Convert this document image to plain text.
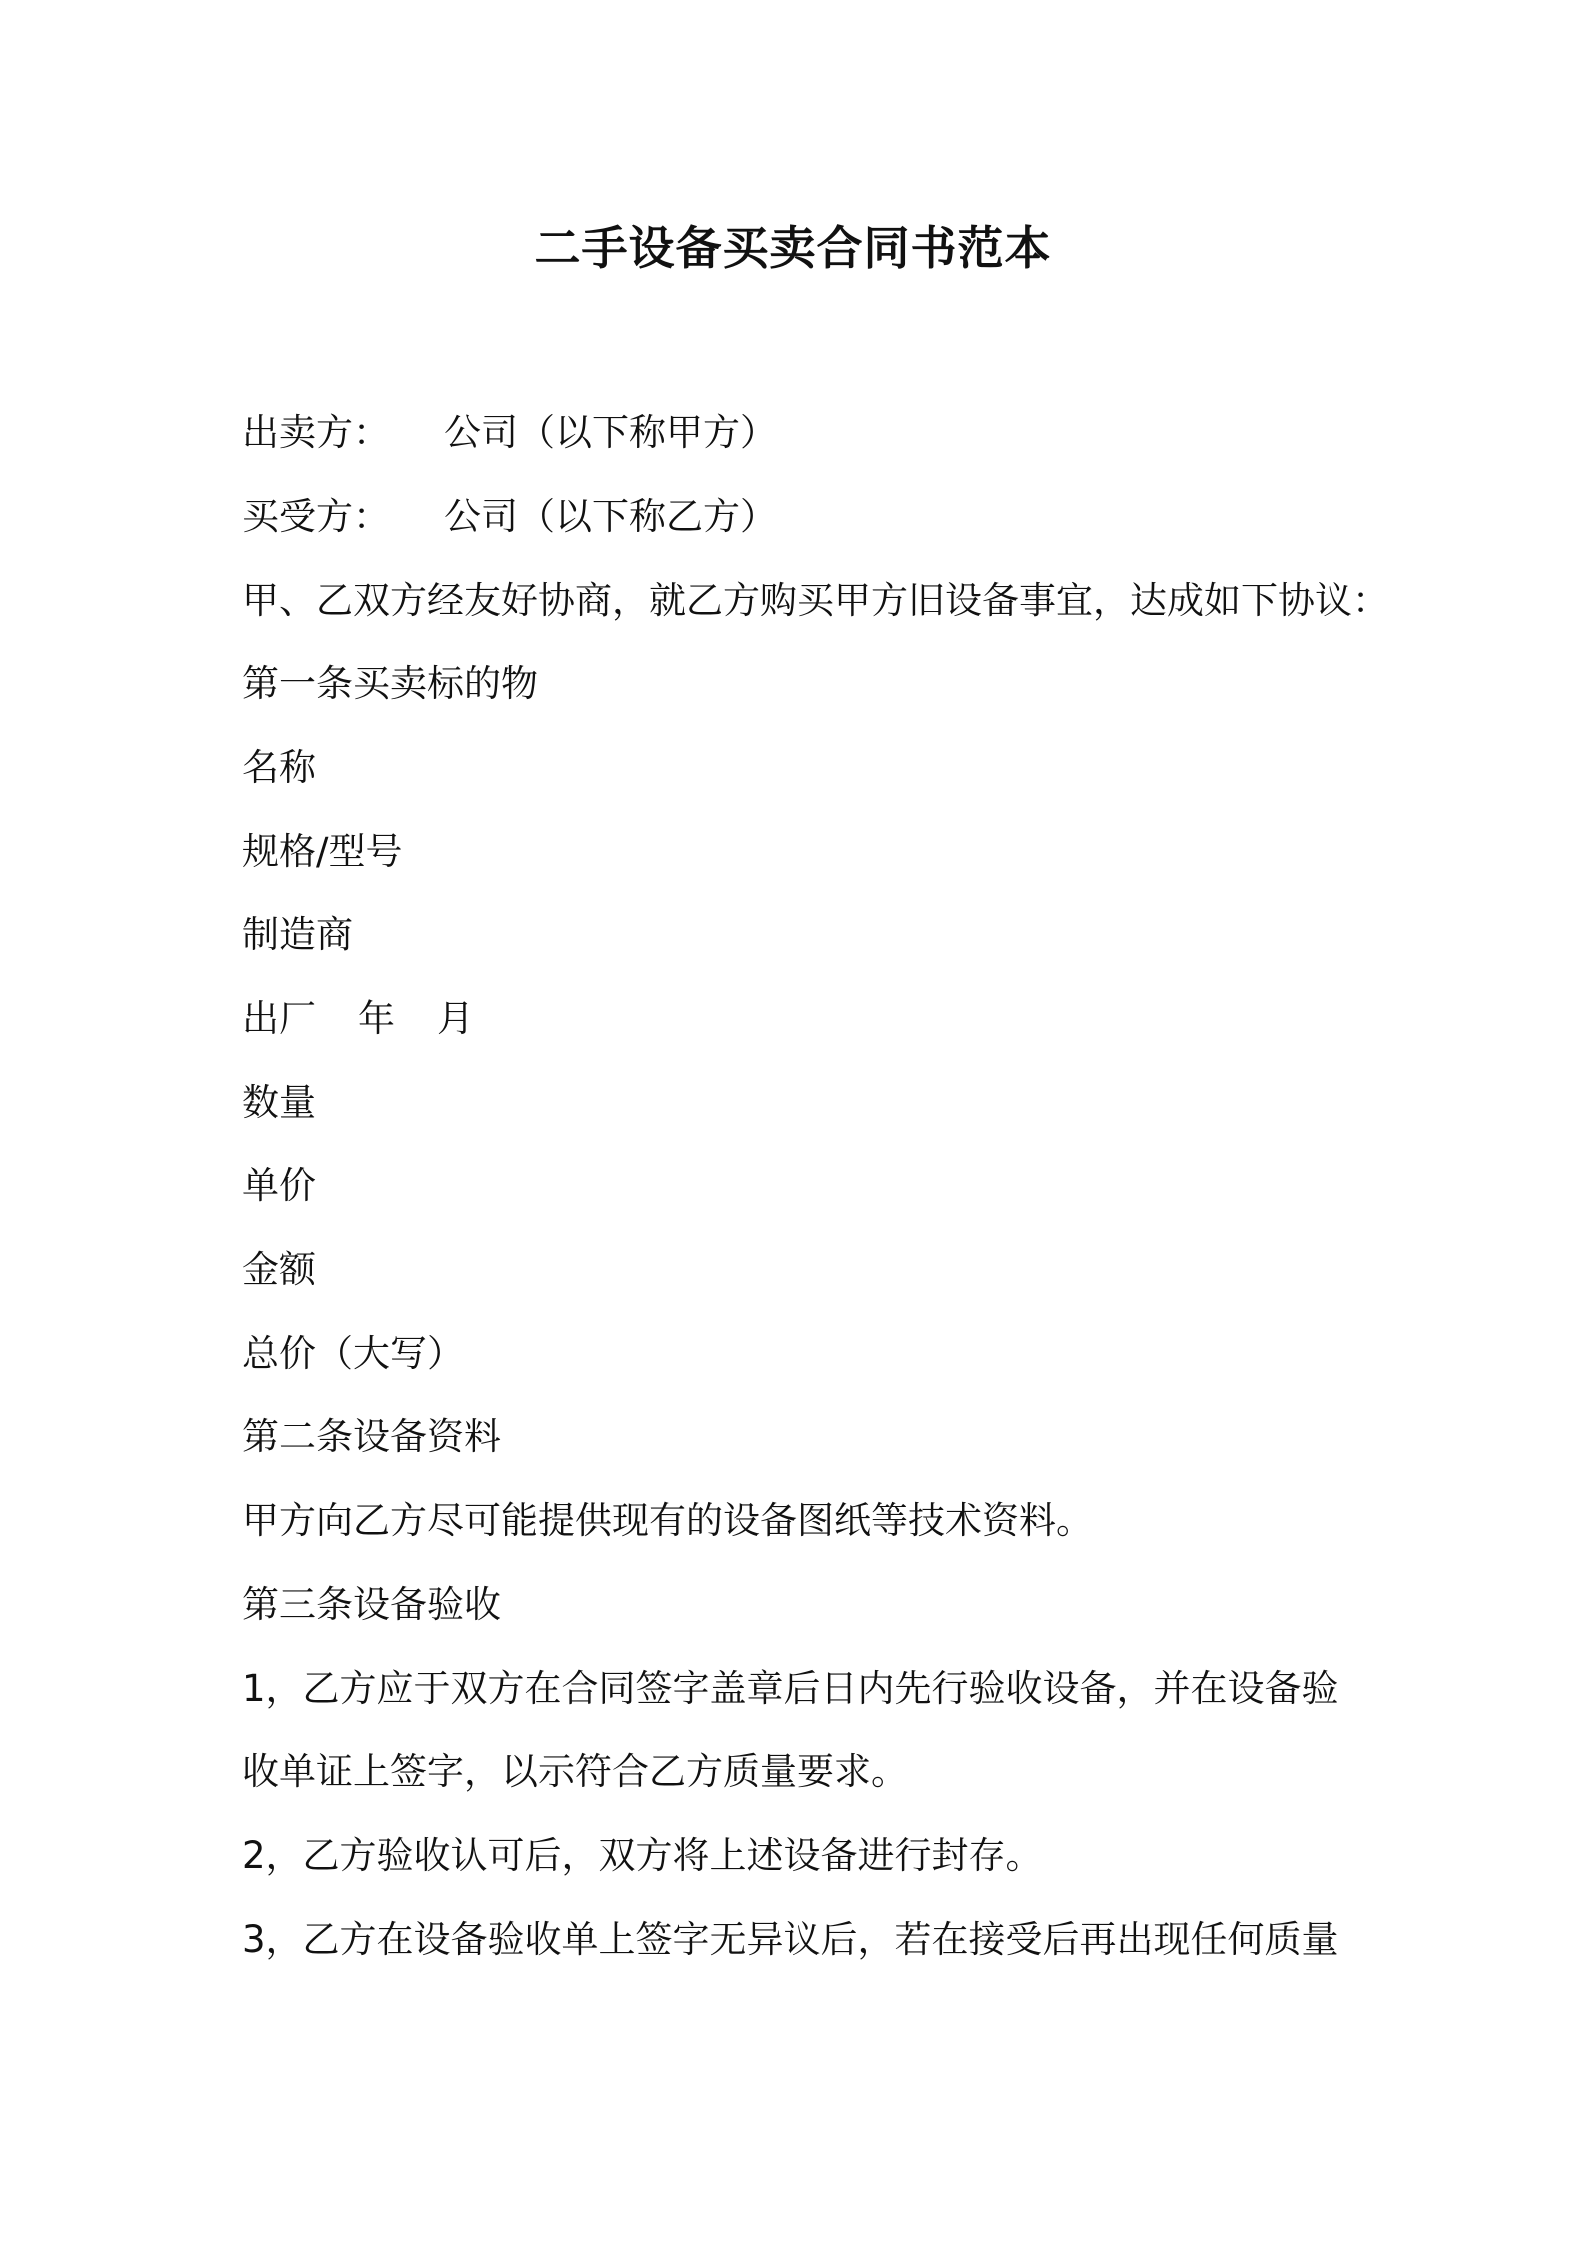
二手设备买卖合同书范本
出卖方： 公司（以下称甲方）
买受方： 公司（以下称乙方）
甲、乙双方经友好协商，就乙方购买甲方旧设备事宜，达成如下协议：
第一条买卖标的物
名称
规格/型号
制造商
出厂 年 月
数量
单价
金额
总价（大写）
第二条设备资料
甲方向乙方尽可能提供现有的设备图纸等技术资料。
第三条设备验收
1，乙方应于双方在合同签字盖章后日内先行验收设备，并在设备验
收单证上签字，以示符合乙方质量要求。
2，乙方验收认可后，双方将上述设备进行封存。
3，乙方在设备验收单上签字无异议后，若在接受后再出现任何质量
